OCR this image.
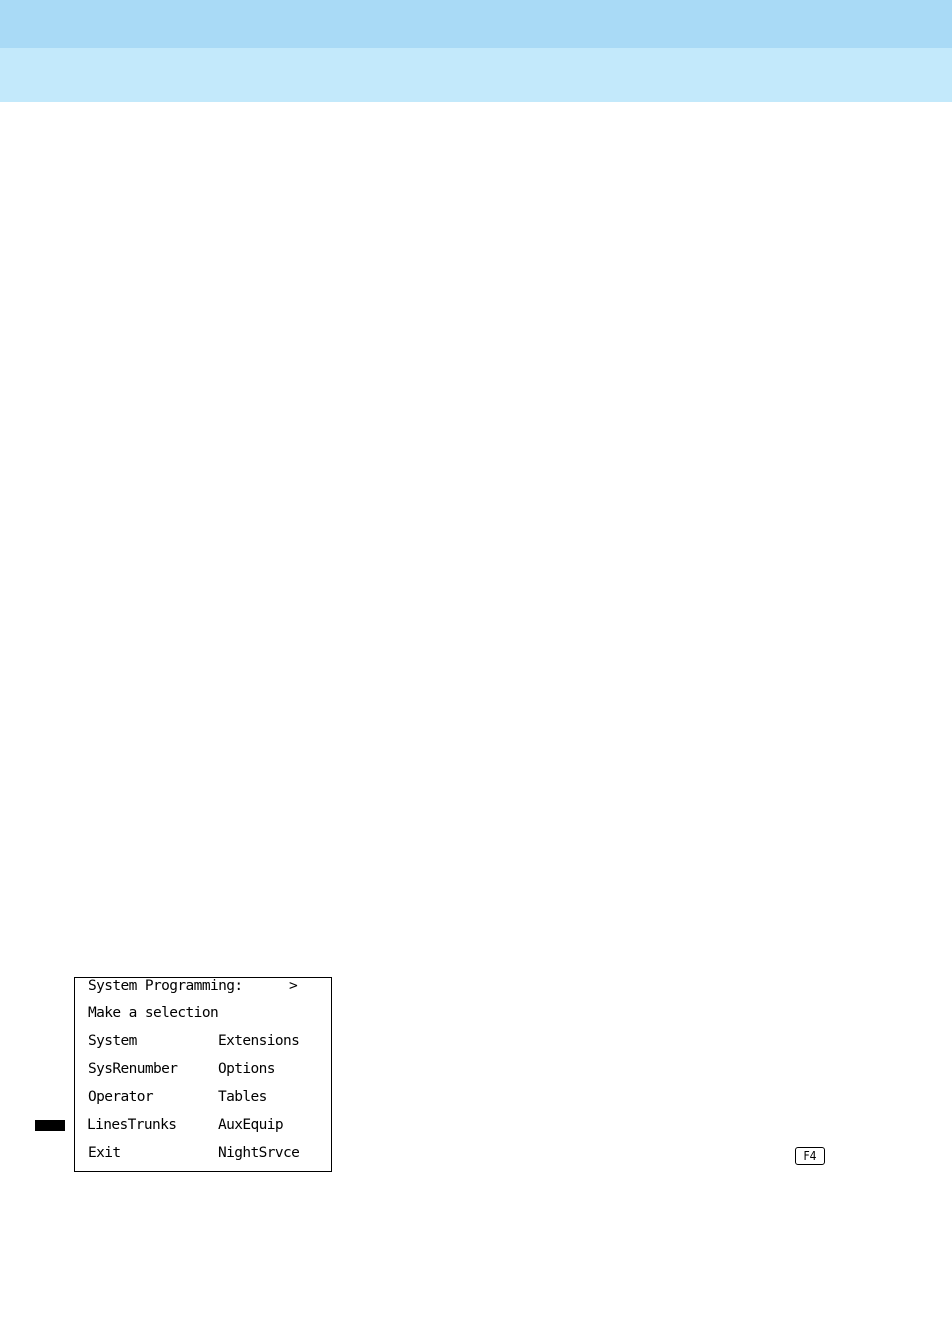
System Programming:	>
Make a selection
System	Extensions
SysRenumber	Options
Operator	Tables
LinesTrunks	AuxEquip
Exit	NightSrvce	F4
